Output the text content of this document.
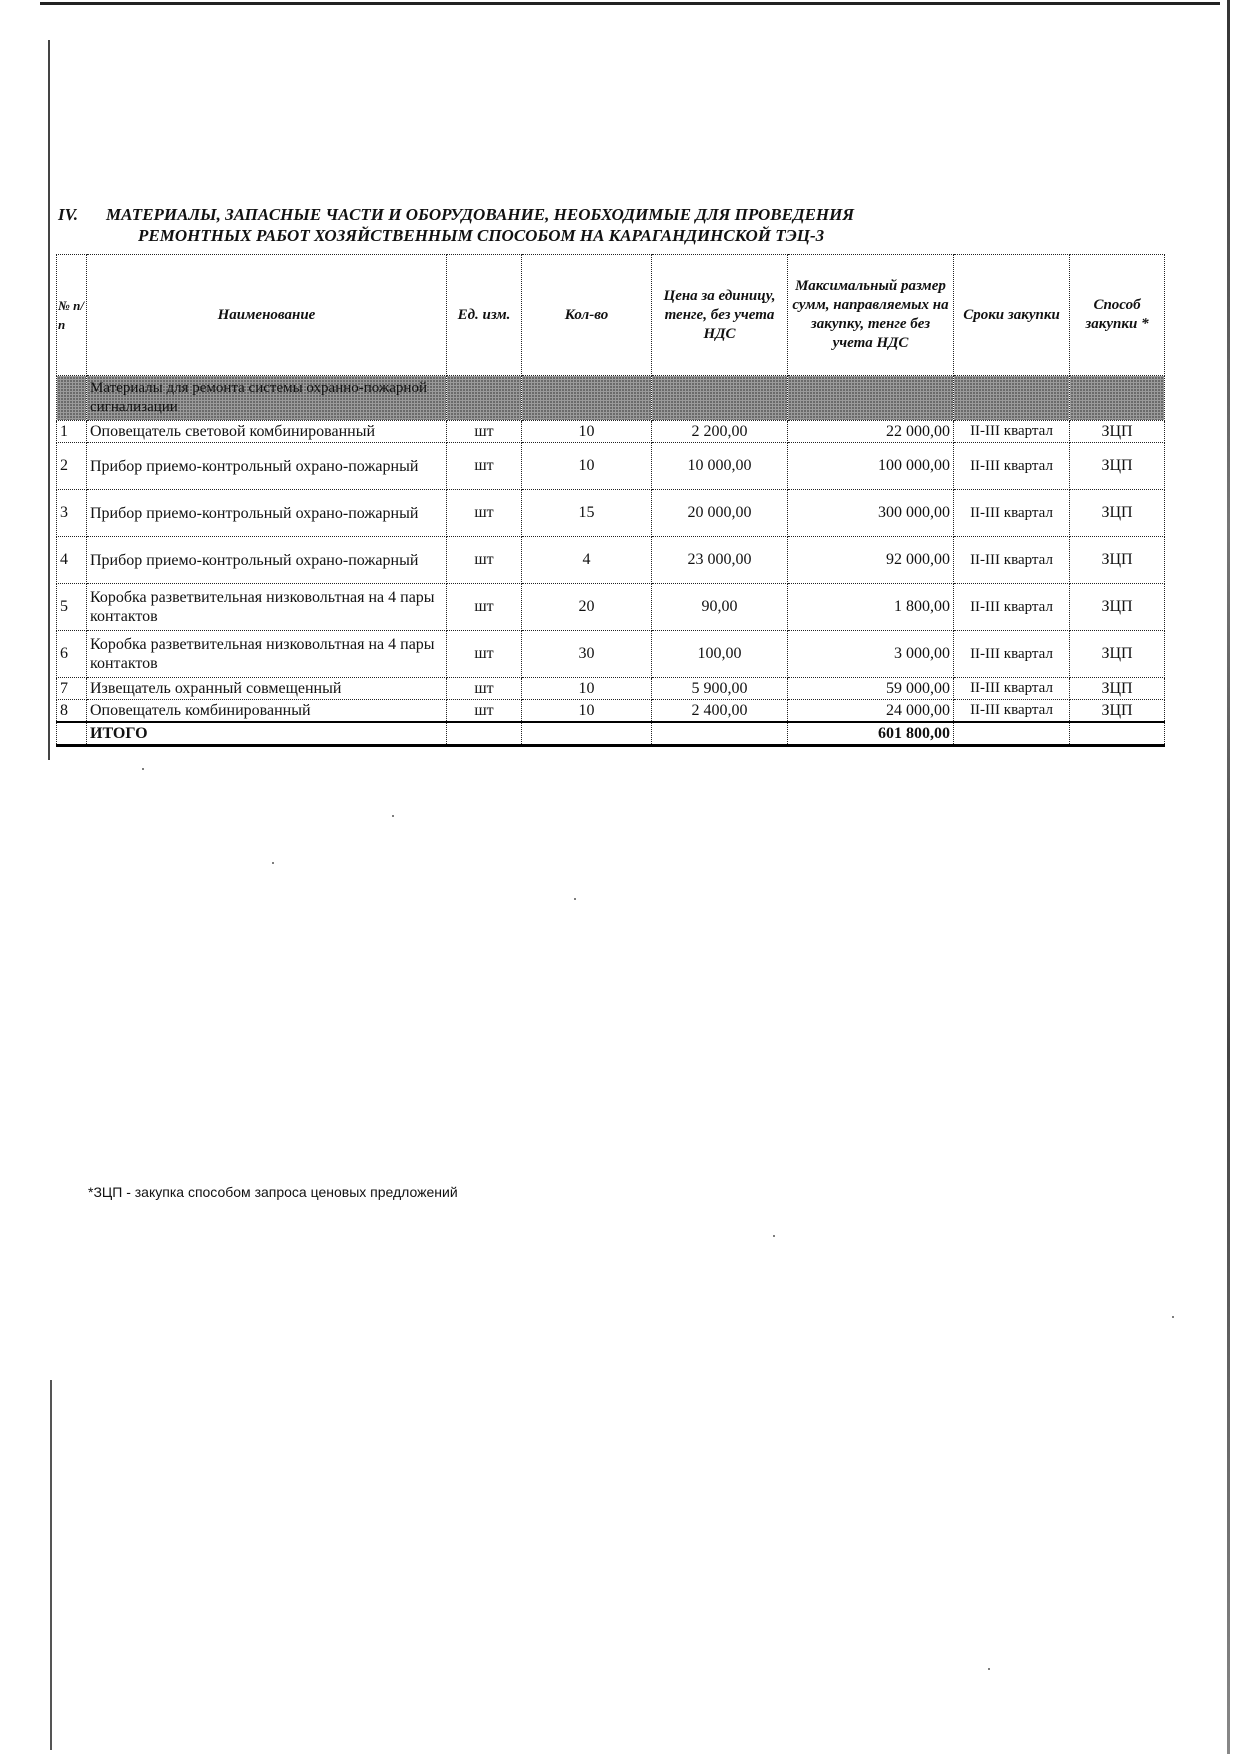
IV. МАТЕРИАЛЫ, ЗАПАСНЫЕ ЧАСТИ И ОБОРУДОВАНИЕ, НЕОБХОДИМЫЕ ДЛЯ ПРОВЕДЕНИЯ
РЕМОНТНЫХ РАБОТ ХОЗЯЙСТВЕННЫМ СПОСОБОМ НА КАРАГАНДИНСКОЙ ТЭЦ-3
№ п/п	Наименование	Ед. изм.	Кол-во	Цена за единицу, тенге, без учета НДС	Максимальный размер сумм, направляемых на закупку, тенге без учета НДС	Сроки закупки	Способ закупки *
	Материалы для ремонта системы охранно-пожарной сигнализации						
1	Оповещатель световой комбинированный	шт	10	2 200,00	22 000,00	II-III квартал	ЗЦП
2	Прибор приемо-контрольный охрано-пожарный	шт	10	10 000,00	100 000,00	II-III квартал	ЗЦП
3	Прибор приемо-контрольный охрано-пожарный	шт	15	20 000,00	300 000,00	II-III квартал	ЗЦП
4	Прибор приемо-контрольный охрано-пожарный	шт	4	23 000,00	92 000,00	II-III квартал	ЗЦП
5	Коробка разветвительная низковольтная на 4 пары контактов	шт	20	90,00	1 800,00	II-III квартал	ЗЦП
6	Коробка разветвительная низковольтная на 4 пары контактов	шт	30	100,00	3 000,00	II-III квартал	ЗЦП
7	Извещатель охранный совмещенный	шт	10	5 900,00	59 000,00	II-III квартал	ЗЦП
8	Оповещатель комбинированный	шт	10	2 400,00	24 000,00	II-III квартал	ЗЦП
	ИТОГО				601 800,00		
*ЗЦП - закупка способом запроса ценовых предложений
